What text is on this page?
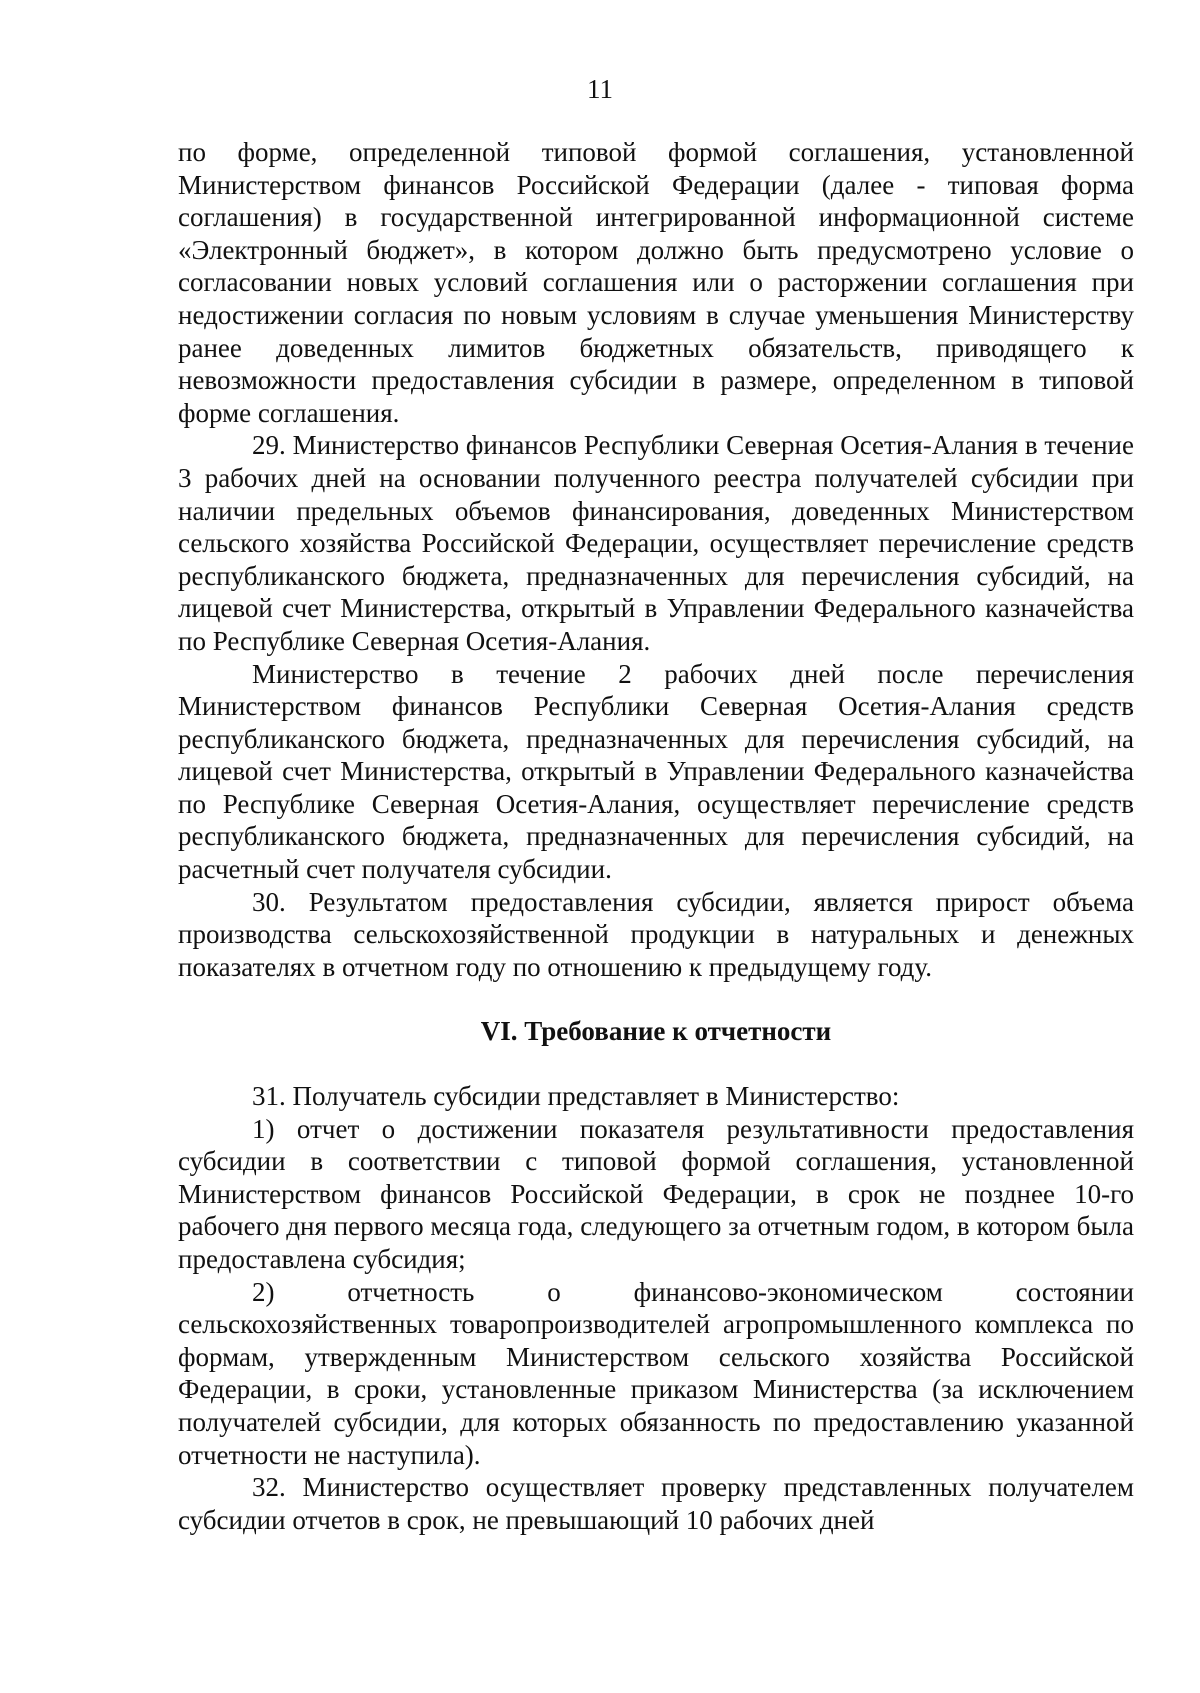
11

по форме, определенной типовой формой соглашения, установленной Министерством финансов Российской Федерации (далее - типовая форма соглашения) в государственной интегрированной информационной системе «Электронный бюджет», в котором должно быть предусмотрено условие о согласовании новых условий соглашения или о расторжении соглашения при недостижении согласия по новым условиям в случае уменьшения Министерству ранее доведенных лимитов бюджетных обязательств, приводящего к невозможности предоставления субсидии в размере, определенном в типовой форме соглашения.

29. Министерство финансов Республики Северная Осетия-Алания в течение 3 рабочих дней на основании полученного реестра получателей субсидии при наличии предельных объемов финансирования, доведенных Министерством сельского хозяйства Российской Федерации, осуществляет перечисление средств республиканского бюджета, предназначенных для перечисления субсидий, на лицевой счет Министерства, открытый в Управлении Федерального казначейства по Республике Северная Осетия-Алания.

Министерство в течение 2 рабочих дней после перечисления Министерством финансов Республики Северная Осетия-Алания средств республиканского бюджета, предназначенных для перечисления субсидий, на лицевой счет Министерства, открытый в Управлении Федерального казначейства по Республике Северная Осетия-Алания, осуществляет перечисление средств республиканского бюджета, предназначенных для перечисления субсидий, на расчетный счет получателя субсидии.

30. Результатом предоставления субсидии, является прирост объема производства сельскохозяйственной продукции в натуральных и денежных показателях в отчетном году по отношению к предыдущему году.

VI. Требование к отчетности

31. Получатель субсидии представляет в Министерство:

1) отчет о достижении показателя результативности предоставления субсидии в соответствии с типовой формой соглашения, установленной Министерством финансов Российской Федерации, в срок не позднее 10-го рабочего дня первого месяца года, следующего за отчетным годом, в котором была предоставлена субсидия;

2) отчетность о финансово-экономическом состоянии сельскохозяйственных товаропроизводителей агропромышленного комплекса по формам, утвержденным Министерством сельского хозяйства Российской Федерации, в сроки, установленные приказом Министерства (за исключением получателей субсидии, для которых обязанность по предоставлению указанной отчетности не наступила).

32. Министерство осуществляет проверку представленных получателем субсидии отчетов в срок, не превышающий 10 рабочих дней
